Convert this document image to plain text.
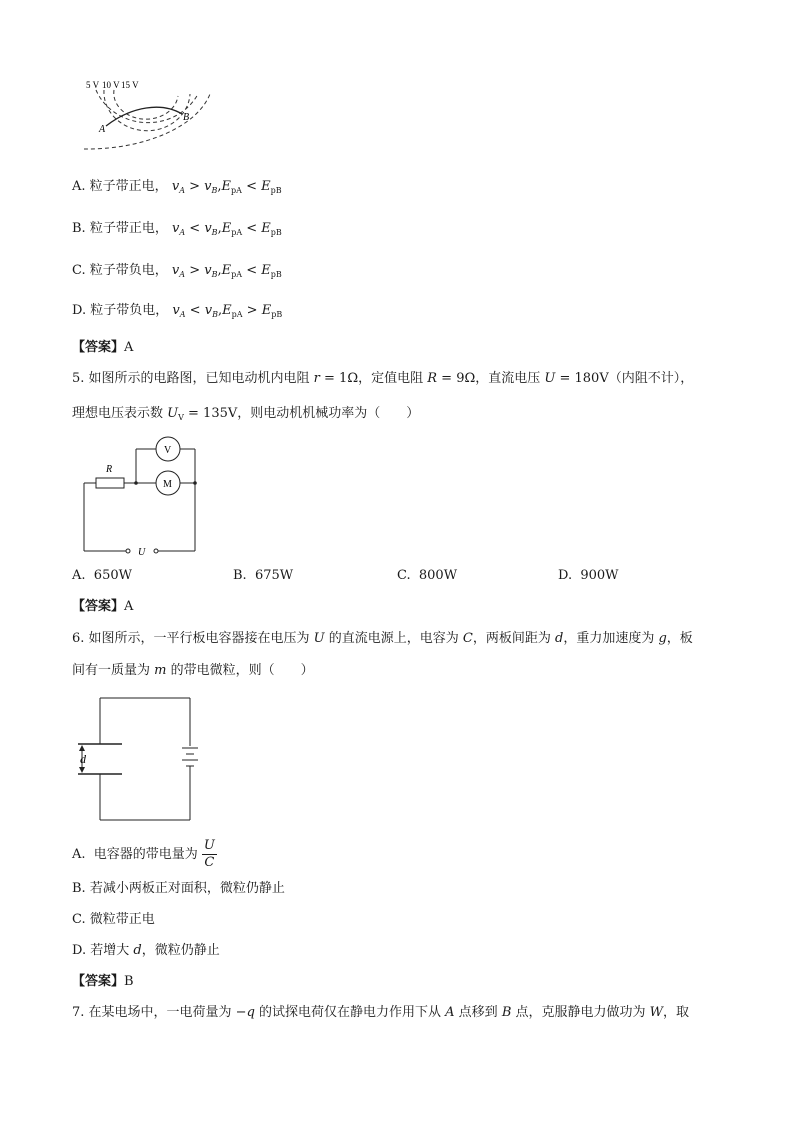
5 V 10 V 15 V
A
B
A. 粒子带正电， $v_A > v_B,E_{pA} < E_{pB}$
B. 粒子带正电， $v_A < v_B,E_{pA} < E_{pB}$
C. 粒子带负电， $v_A > v_B,E_{pA} < E_{pB}$
D. 粒子带负电， $v_A < v_B,E_{pA} > E_{pB}$
【答案】A
5. 如图所示的电路图，已知电动机内电阻 r = 1Ω，定值电阻 R = 9Ω，直流电压 U = 180V（内阻不计），
理想电压表示数 $U_V = 135V$，则电动机机械功率为（　　）
R
V
M
U
A. 650W	B. 675W	C. 800W	D. 900W
【答案】A
6. 如图所示，一平行板电容器接在电压为 U 的直流电源上，电容为 C，两板间距为 d，重力加速度为 g，板
间有一质量为 m 的带电微粒，则（　　）
d
A. 电容器的带电量为 $\frac{U}{C}$
B. 若减小两板正对面积，微粒仍静止
C. 微粒带正电
D. 若增大 d，微粒仍静止
【答案】B
7. 在某电场中，一电荷量为 −q 的试探电荷仅在静电力作用下从 A 点移到 B 点，克服静电力做功为 W，取
